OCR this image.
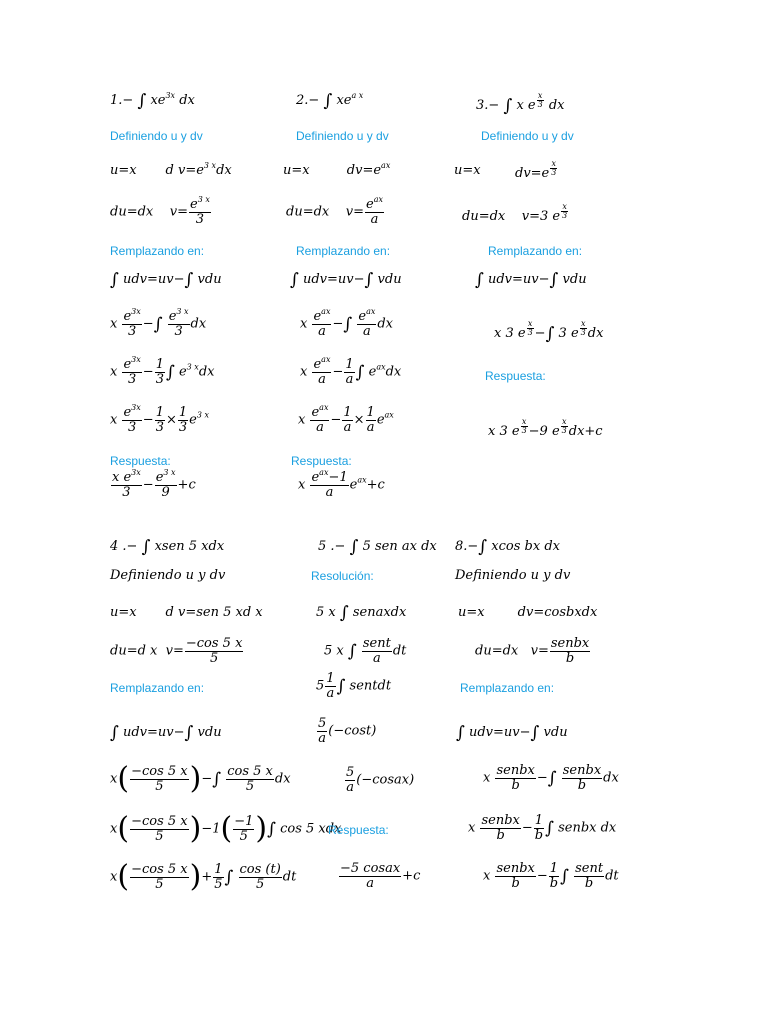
1.− ∫ $xe^{3x}$ dx
Definiendo u y dv
u=x       d $v=e^{3 x}dx$
du=dx    $v= \frac{e^{3 x}}{3}$
Remplazando en:
∫ udv=uv−∫ vdu
x $\frac{e^{3x}}{3}$ −∫ $\frac{e^{3 x}}{3}$ dx
x $\frac{e^{3x}}{3} - \frac{1}{3}$ ∫ $e^{3 x}dx$
x $\frac{e^{3x}}{3} - \frac{1}{3} \times \frac{1}{3} e^{3 x}$
Respuesta:
$\frac{x e^{3x}}{3} - \frac{e^{3 x}}{9} +c$
2.− ∫ $xe^{a x}$
Definiendo u y dv
u=x         $dv=e^{ax}$
du=dx    v=
$e^{ax}$
a
Remplazando en:
∫ udv=uv−∫ vdu
x
$e^{ax}$
a −∫ $e^{ax}$
a dx
x
$e^{ax}$
$a - \frac{1}{a}$ ∫ $e^{ax}dx$
x
$e^{ax}$
$a - \frac{1}{a} \times \frac{1}{a} e^{ax}$
Respuesta:
x
$e^{ax}-1$
a	$e^{ax}+c$
3.− ∫ x e $^{\frac{x}{3}}$ dx
Definiendo u y dv
u=x	dv=e $^{\frac{x}{3}}$
du=dx    v=3 e $^{\frac{x}{3}}$
Remplazando en:
∫ udv=uv−∫ vdu
x 3 e $^{\frac{x}{3}}$ −∫ 3 e $^{\frac{x}{3}}$ dx
Respuesta:
x 3 e $^{\frac{x}{3}}$ −9 e $^{\frac{x}{3}}$ dx+c
4 .− ∫ xsen 5 xdx
Definiendo u y dv
u=x       d v=sen 5 xd x
du=d x  $v= \frac{-\cos 5 x}{5}$
Remplazando en:
∫ udv=uv−∫ vdu
$x( \frac{-\cos 5 x}{5}$ )−∫ $\frac{\cos 5 x}{5}$ dx
$x( \frac{-\cos 5 x}{5} )-1( \frac{-1}{5}$ )∫ cos 5 xdx
$x( \frac{-\cos 5 x}{5}$ )+ $\frac{1}{5}$ ∫ $\frac{\cos (t)}{5}$ dt
5 .− ∫ 5 sen ax dx
Resolución:
5 x ∫ senaxdx
5 x ∫ sent
a dt
$5 \frac{1}{a}$ ∫ sentdt
$\frac{5}{a} (-\cos t)$
$\frac{5}{a}$ (−cosax)
Respuesta:
$\frac{\text{−5 cosax}}{a} +c$
8.−∫ xcos bx dx
Definiendo u y dv
u=x        dv=cosbxdx
du=dx   v=
senbx
b
Remplazando en:
∫ udv=uv−∫ vdu
x
senbx
b	−∫ senbx
b	dx
x
senbx
b	− $\frac{1}{b}$ ∫ senbx dx
x
senbx
b	− $\frac{1}{b}$ ∫ sent
b dt
